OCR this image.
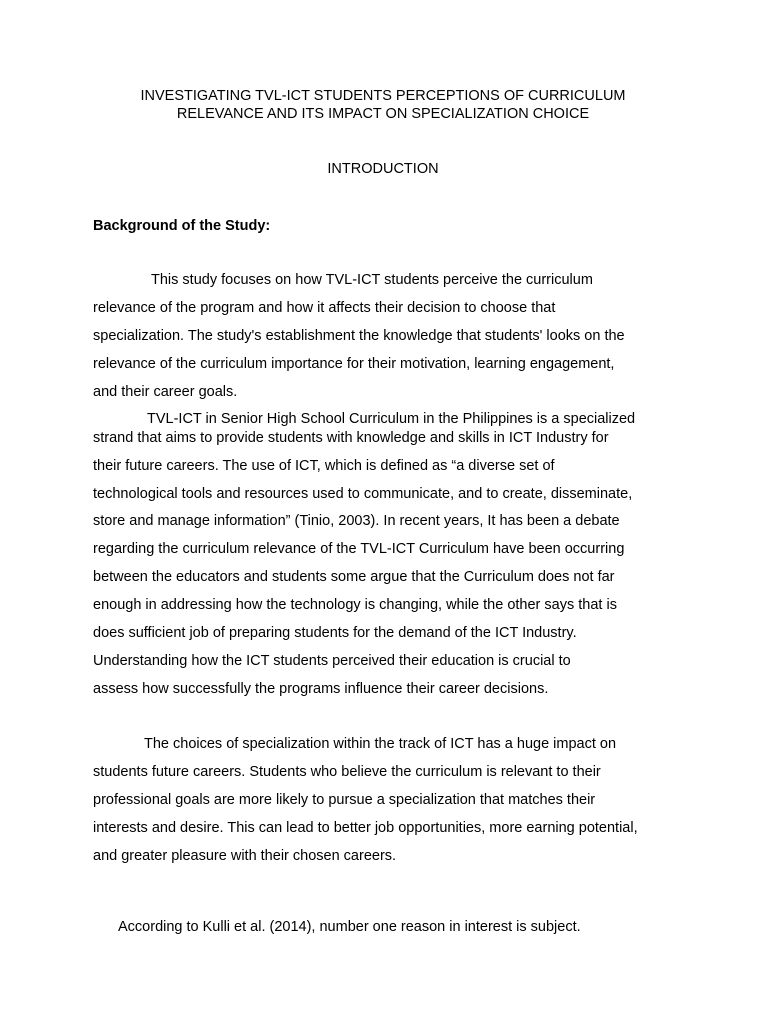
INVESTIGATING TVL-ICT STUDENTS PERCEPTIONS OF CURRICULUM
RELEVANCE AND ITS IMPACT ON SPECIALIZATION CHOICE
INTRODUCTION
Background of the Study:
This study focuses on how TVL-ICT students perceive the curriculum
relevance of the program and how it affects their decision to choose that
specialization. The study's establishment the knowledge that students' looks on the
relevance of the curriculum importance for their motivation, learning engagement,
and their career goals.
TVL-ICT in Senior High School Curriculum in the Philippines is a specialized
strand that aims to provide students with knowledge and skills in ICT Industry for
their future careers. The use of ICT, which is defined as “a diverse set of
technological tools and resources used to communicate, and to create, disseminate,
store and manage information” (Tinio, 2003). In recent years, It has been a debate
regarding the curriculum relevance of the TVL-ICT Curriculum have been occurring
between the educators and students some argue that the Curriculum does not far
enough in addressing how the technology is changing, while the other says that is
does sufficient job of preparing students for the demand of the ICT Industry.
Understanding how the ICT students perceived their education is crucial to
assess how successfully the programs influence their career decisions.
The choices of specialization within the track of ICT has a huge impact on
students future careers. Students who believe the curriculum is relevant to their
professional goals are more likely to pursue a specialization that matches their
interests and desire. This can lead to better job opportunities, more earning potential,
and greater pleasure with their chosen careers.
According to Kulli et al. (2014), number one reason in interest is subject.
